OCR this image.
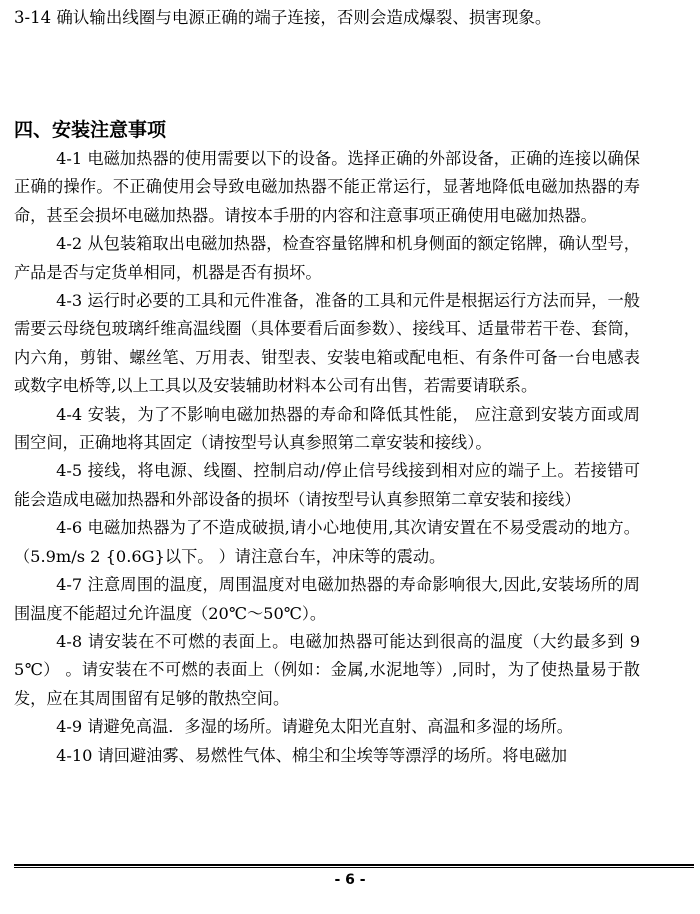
3-14 确认输出线圈与电源正确的端子连接，否则会造成爆裂、损害现象。
四、安装注意事项

4-1 电磁加热器的使用需要以下的设备。选择正确的外部设备，正确的连接以确保正确的操作。不正确使用会导致电磁加热器不能正常运行，显著地降低电磁加热器的寿命，甚至会损坏电磁加热器。请按本手册的内容和注意事项正确使用电磁加热器。

4-2 从包装箱取出电磁加热器，检查容量铭牌和机身侧面的额定铭牌，确认型号，产品是否与定货单相同，机器是否有损坏。

4-3 运行时必要的工具和元件准备，准备的工具和元件是根据运行方法而异，一般需要云母绕包玻璃纤维高温线圈（具体要看后面参数）、接线耳、适量带若干卷、套筒，内六角，剪钳、螺丝笔、万用表、钳型表、安装电箱或配电柜、有条件可备一台电感表或数字电桥等,以上工具以及安装辅助材料本公司有出售，若需要请联系。

4-4 安装，为了不影响电磁加热器的寿命和降低其性能， 应注意到安装方面或周围空间，正确地将其固定（请按型号认真参照第二章安装和接线）。

4-5 接线，将电源、线圈、控制启动/停止信号线接到相对应的端子上。若接错可能会造成电磁加热器和外部设备的损坏（请按型号认真参照第二章安装和接线）

4-6 电磁加热器为了不造成破损,请小心地使用,其次请安置在不易受震动的地方。 （5.9m/s 2 {0.6G}以下。 ）请注意台车，冲床等的震动。

4-7 注意周围的温度，周围温度对电磁加热器的寿命影响很大,因此,安装场所的周围温度不能超过允许温度（20℃～50℃）。

4-8 请安装在不可燃的表面上。电磁加热器可能达到很高的温度（大约最多到 95℃） 。请安装在不可燃的表面上（例如：金属,水泥地等）,同时，为了使热量易于散发，应在其周围留有足够的散热空间。

4-9 请避免高温．多湿的场所。请避免太阳光直射、高温和多湿的场所。

4-10 请回避油雾、易燃性气体、棉尘和尘埃等等漂浮的场所。将电磁加

- 6 -
